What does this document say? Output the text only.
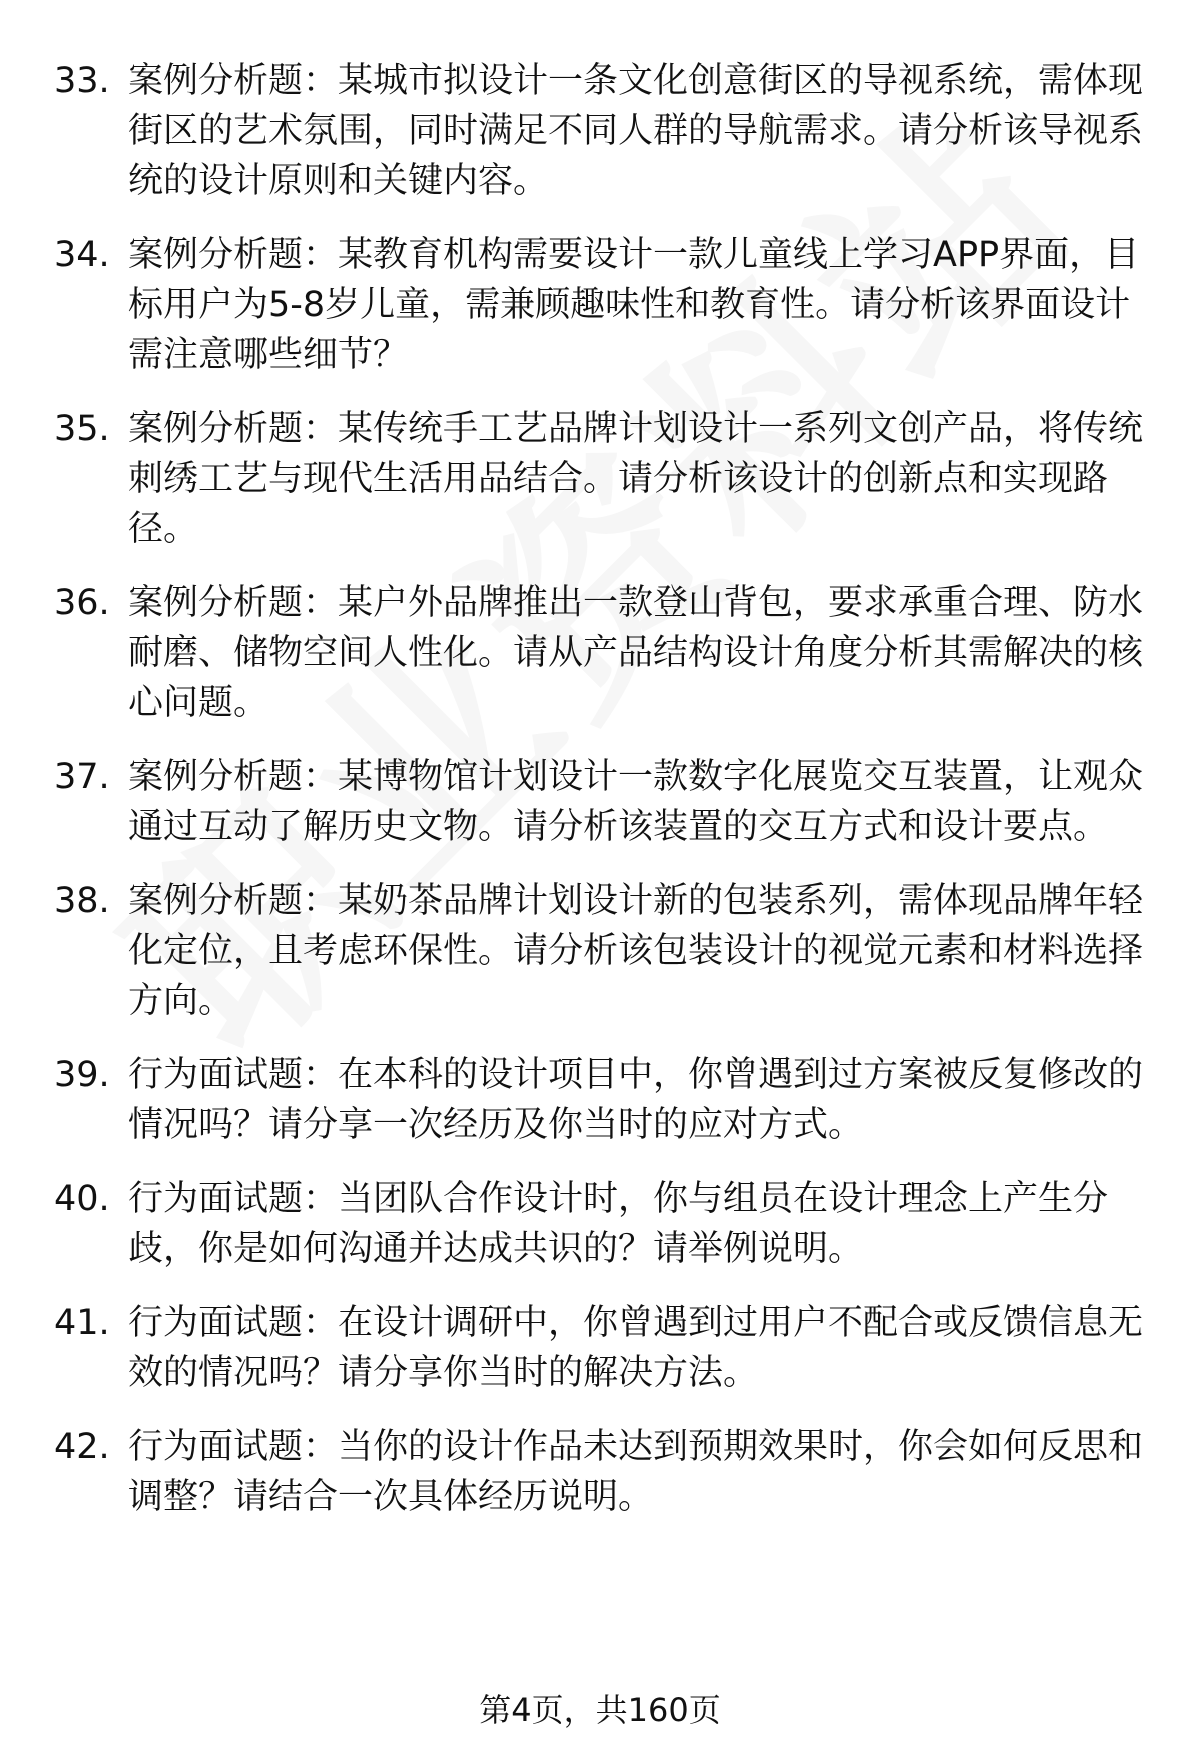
33. 案例分析题：某城市拟设计一条文化创意街区的导视系统，需体现街区的艺术氛围，同时满足不同人群的导航需求。请分析该导视系统的设计原则和关键内容。
34. 案例分析题：某教育机构需要设计一款儿童线上学习APP界面，目标用户为5-8岁儿童，需兼顾趣味性和教育性。请分析该界面设计需注意哪些细节？
35. 案例分析题：某传统手工艺品牌计划设计一系列文创产品，将传统刺绣工艺与现代生活用品结合。请分析该设计的创新点和实现路径。
36. 案例分析题：某户外品牌推出一款登山背包，要求承重合理、防水耐磨、储物空间人性化。请从产品结构设计角度分析其需解决的核心问题。
37. 案例分析题：某博物馆计划设计一款数字化展览交互装置，让观众通过互动了解历史文物。请分析该装置的交互方式和设计要点。
38. 案例分析题：某奶茶品牌计划设计新的包装系列，需体现品牌年轻化定位，且考虑环保性。请分析该包装设计的视觉元素和材料选择方向。
39. 行为面试题：在本科的设计项目中，你曾遇到过方案被反复修改的情况吗？请分享一次经历及你当时的应对方式。
40. 行为面试题：当团队合作设计时，你与组员在设计理念上产生分歧，你是如何沟通并达成共识的？请举例说明。
41. 行为面试题：在设计调研中，你曾遇到过用户不配合或反馈信息无效的情况吗？请分享你当时的解决方法。
42. 行为面试题：当你的设计作品未达到预期效果时，你会如何反思和调整？请结合一次具体经历说明。
第4页，共160页
